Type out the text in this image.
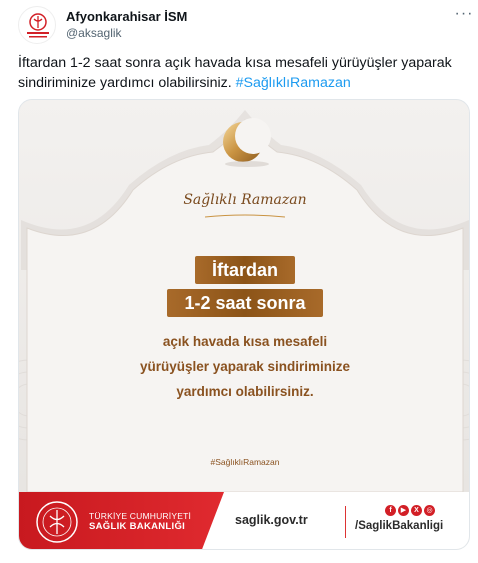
Afyonkarahisar İSM
@aksaglik
···
İftardan 1-2 saat sonra açık havada kısa mesafeli yürüyüşler yaparak sindiriminize yardımcı olabilirsiniz. #SağlıklıRamazan
Sağlıklı Ramazan
İftardan
1-2 saat sonra
açık havada kısa mesafeli
yürüyüşler yaparak sindiriminize
yardımcı olabilirsiniz.
#SağlıklıRamazan
TÜRKİYE CUMHURİYETİ
SAĞLIK BAKANLIĞI	saglik.gov.tr
f	▶	X	◎
/SaglikBakanligi
